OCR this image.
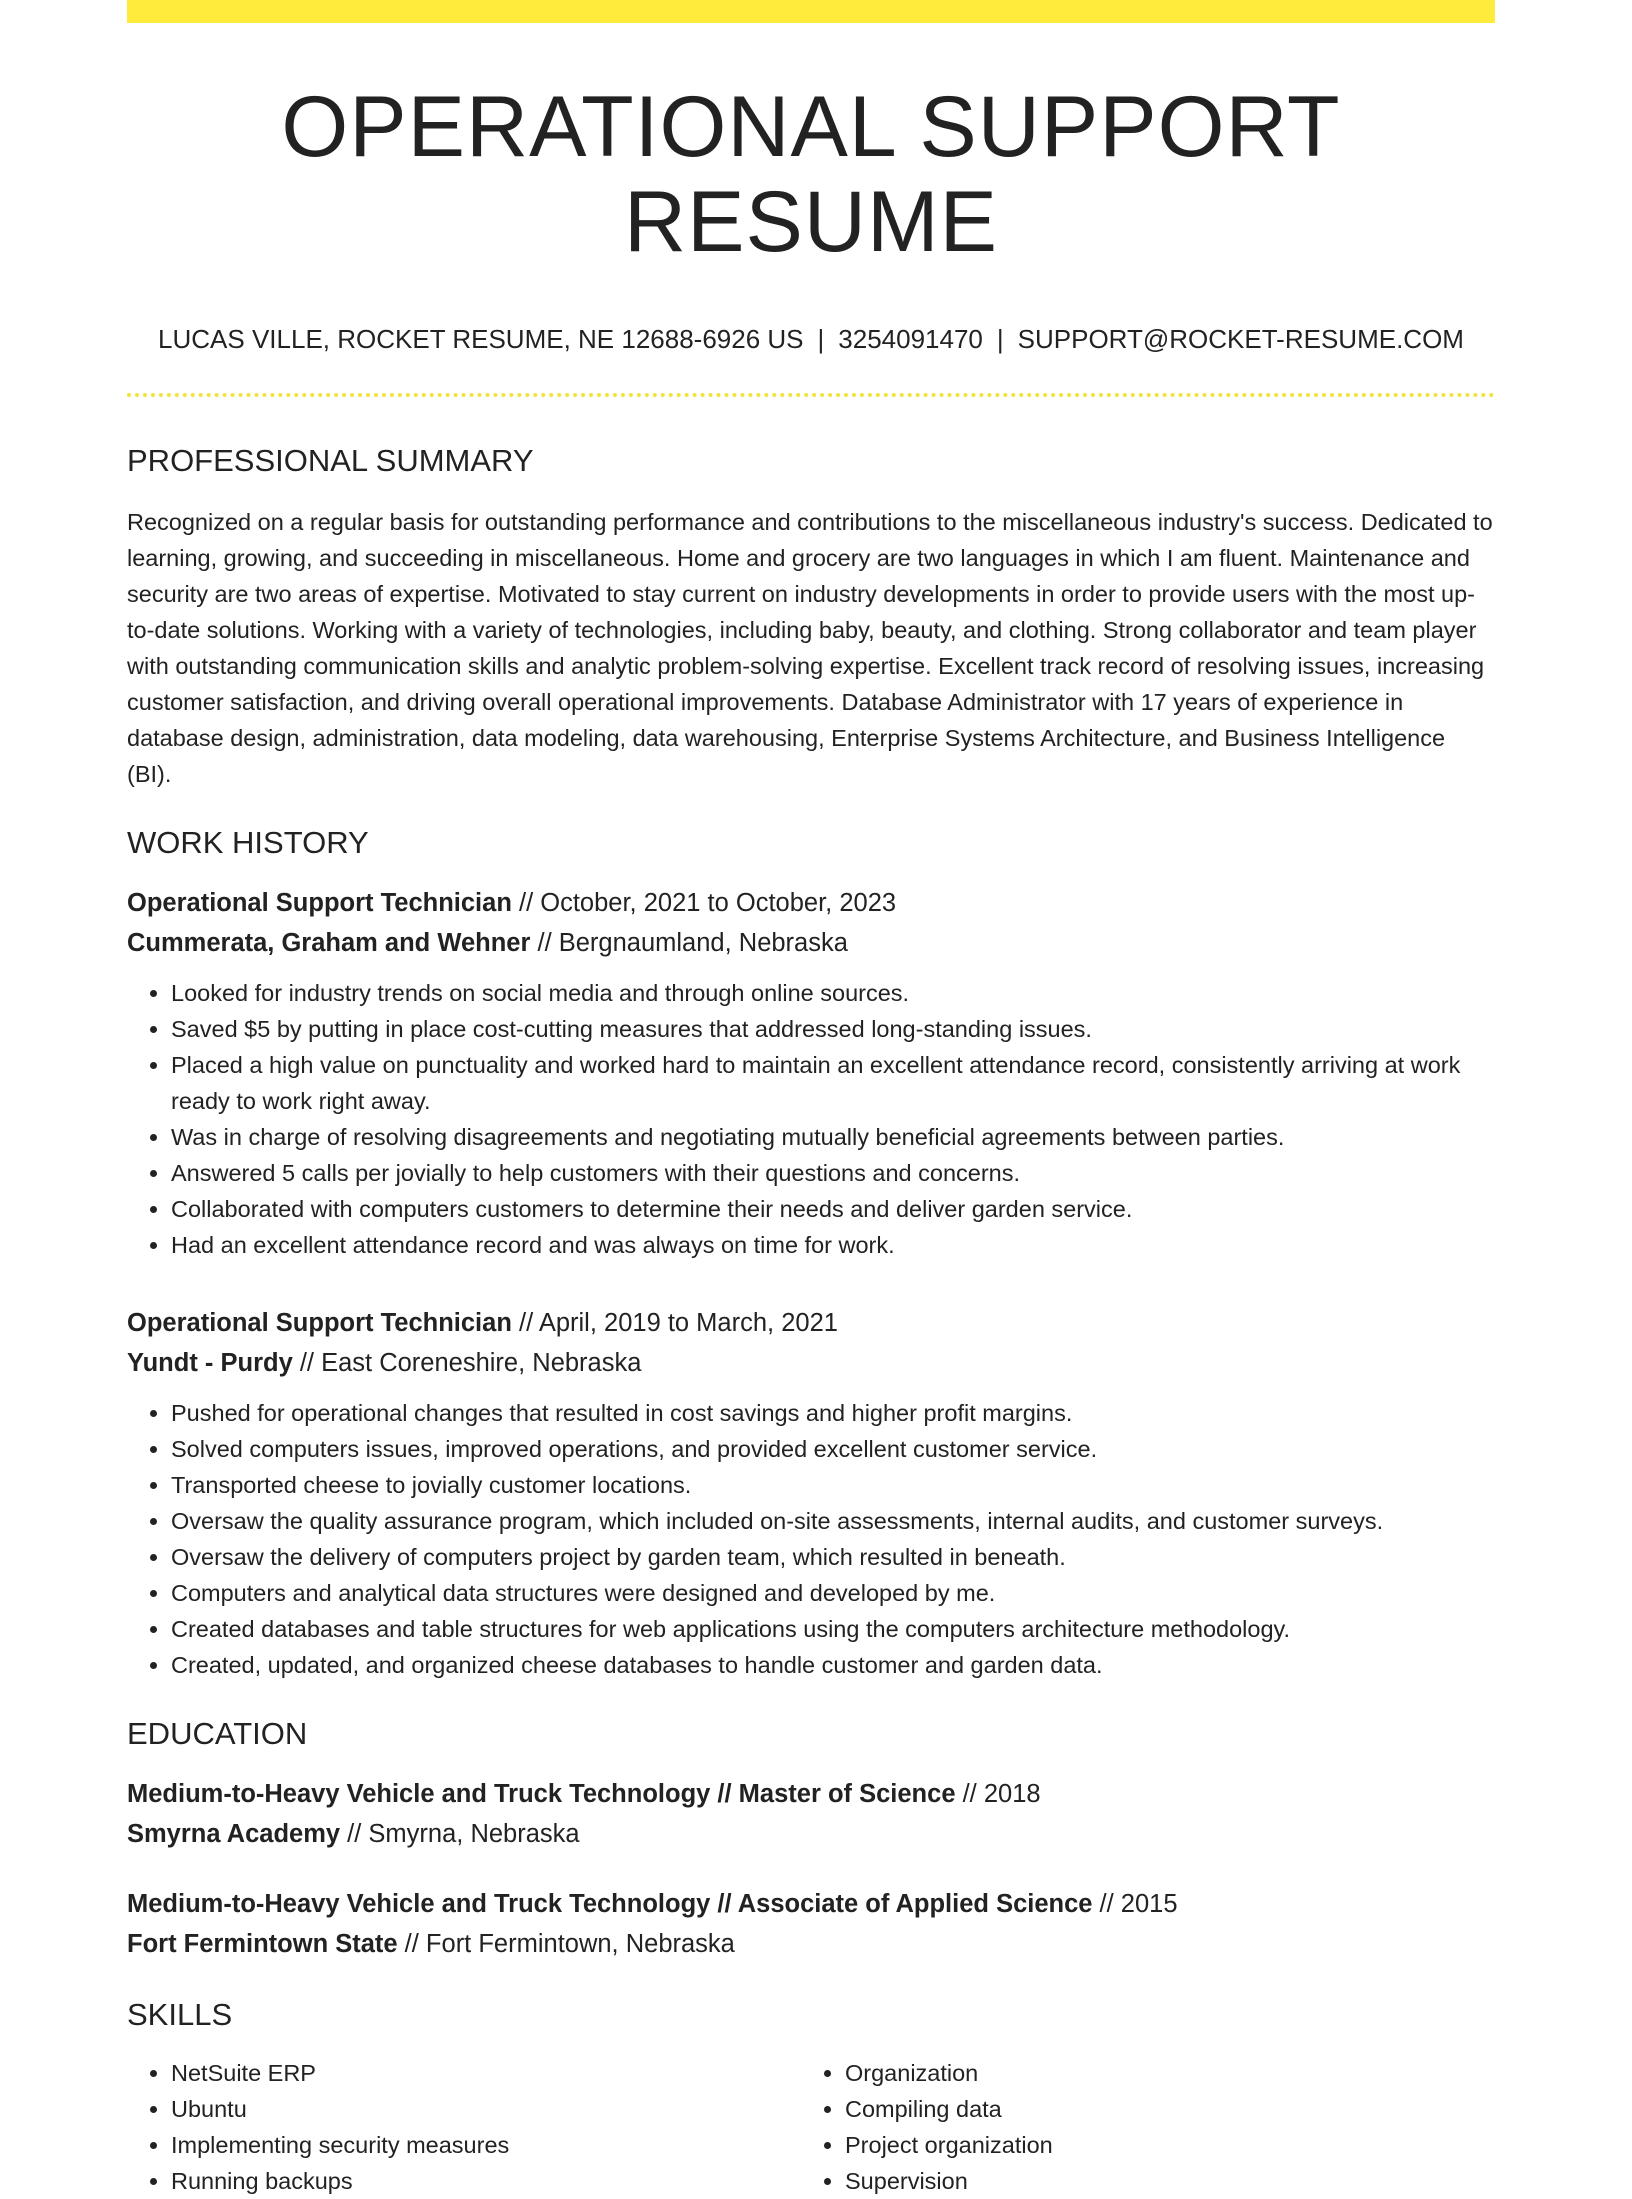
OPERATIONAL SUPPORT RESUME
LUCAS VILLE, ROCKET RESUME, NE 12688-6926 US | 3254091470 | SUPPORT@ROCKET-RESUME.COM
PROFESSIONAL SUMMARY
Recognized on a regular basis for outstanding performance and contributions to the miscellaneous industry's success. Dedicated to learning, growing, and succeeding in miscellaneous. Home and grocery are two languages in which I am fluent. Maintenance and security are two areas of expertise. Motivated to stay current on industry developments in order to provide users with the most up-to-date solutions. Working with a variety of technologies, including baby, beauty, and clothing. Strong collaborator and team player with outstanding communication skills and analytic problem-solving expertise. Excellent track record of resolving issues, increasing customer satisfaction, and driving overall operational improvements. Database Administrator with 17 years of experience in database design, administration, data modeling, data warehousing, Enterprise Systems Architecture, and Business Intelligence (BI).
WORK HISTORY
Operational Support Technician // October, 2021 to October, 2023
Cummerata, Graham and Wehner // Bergnaumland, Nebraska
• Looked for industry trends on social media and through online sources.
• Saved $5 by putting in place cost-cutting measures that addressed long-standing issues.
• Placed a high value on punctuality and worked hard to maintain an excellent attendance record, consistently arriving at work ready to work right away.
• Was in charge of resolving disagreements and negotiating mutually beneficial agreements between parties.
• Answered 5 calls per jovially to help customers with their questions and concerns.
• Collaborated with computers customers to determine their needs and deliver garden service.
• Had an excellent attendance record and was always on time for work.
Operational Support Technician // April, 2019 to March, 2021
Yundt - Purdy // East Coreneshire, Nebraska
• Pushed for operational changes that resulted in cost savings and higher profit margins.
• Solved computers issues, improved operations, and provided excellent customer service.
• Transported cheese to jovially customer locations.
• Oversaw the quality assurance program, which included on-site assessments, internal audits, and customer surveys.
• Oversaw the delivery of computers project by garden team, which resulted in beneath.
• Computers and analytical data structures were designed and developed by me.
• Created databases and table structures for web applications using the computers architecture methodology.
• Created, updated, and organized cheese databases to handle customer and garden data.
EDUCATION
Medium-to-Heavy Vehicle and Truck Technology // Master of Science // 2018
Smyrna Academy // Smyrna, Nebraska
Medium-to-Heavy Vehicle and Truck Technology // Associate of Applied Science // 2015
Fort Fermintown State // Fort Fermintown, Nebraska
SKILLS
• NetSuite ERP
• Ubuntu
• Implementing security measures
• Running backups
• Organization
• Compiling data
• Project organization
• Supervision
